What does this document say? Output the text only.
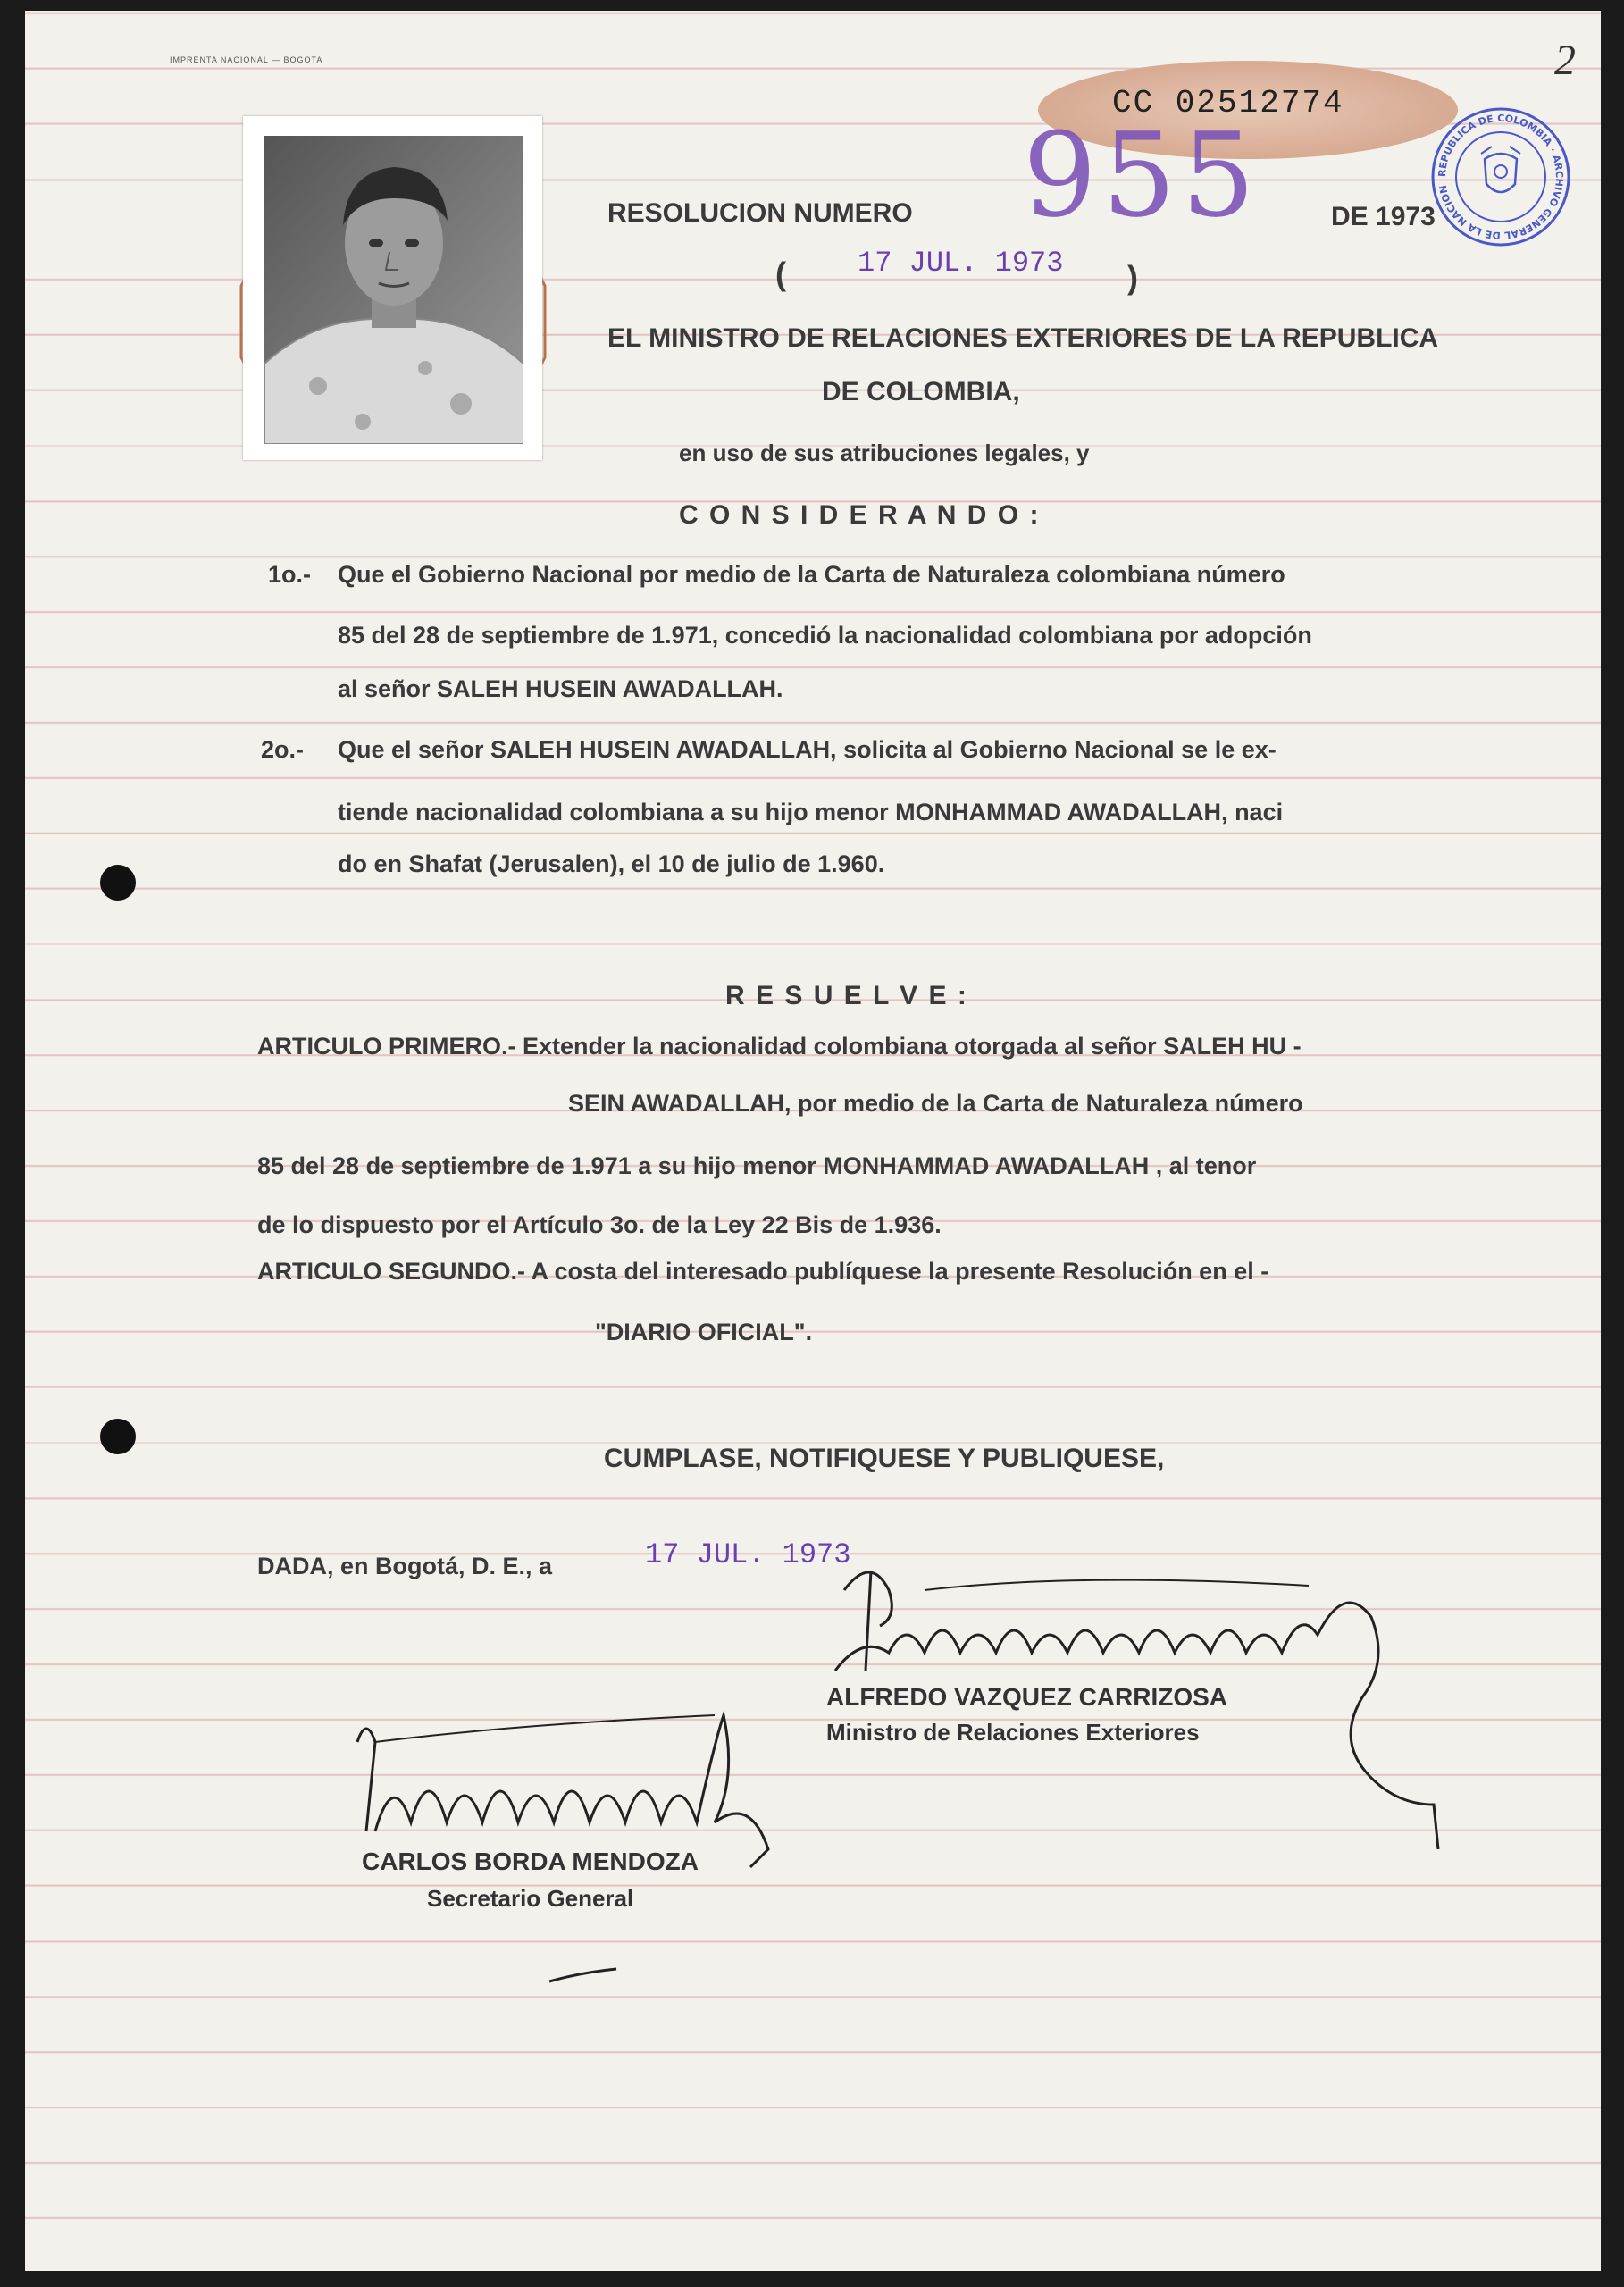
IMPRENTA NACIONAL — BOGOTA	2
CC 02512774
955	REPUBLICA DE COLOMBIA · ARCHIVO GENERAL DE LA NACION
RESOLUCION NUMERO	DE 1973
(	17 JUL. 1973 )
EL MINISTRO DE RELACIONES EXTERIORES DE LA REPUBLICA
DE COLOMBIA,
en uso de sus atribuciones legales, y
C O N S I D E R A N D O :
1o.- Que el Gobierno Nacional por medio de la Carta de Naturaleza colombiana número
85 del 28 de septiembre de 1.971, concedió la nacionalidad colombiana por adopción
al señor SALEH HUSEIN AWADALLAH.
2o.- Que el señor SALEH HUSEIN AWADALLAH, solicita al Gobierno Nacional se le ex-
tiende nacionalidad colombiana a su hijo menor MONHAMMAD AWADALLAH, naci
do en Shafat (Jerusalen), el 10 de julio de 1.960.
R E S U E L V E :
ARTICULO PRIMERO.- Extender la nacionalidad colombiana otorgada al señor SALEH HU -
SEIN AWADALLAH, por medio de la Carta de Naturaleza número
85 del 28 de septiembre de 1.971 a su hijo menor MONHAMMAD AWADALLAH , al tenor
de lo dispuesto por el Artículo 3o. de la Ley 22 Bis de 1.936.
ARTICULO SEGUNDO.- A costa del interesado publíquese la presente Resolución en el -
"DIARIO OFICIAL".
CUMPLASE, NOTIFIQUESE Y PUBLIQUESE,
DADA, en Bogotá, D. E., a	17 JUL. 1973
ALFREDO VAZQUEZ CARRIZOSA
Ministro de Relaciones Exteriores
CARLOS BORDA MENDOZA
Secretario General
